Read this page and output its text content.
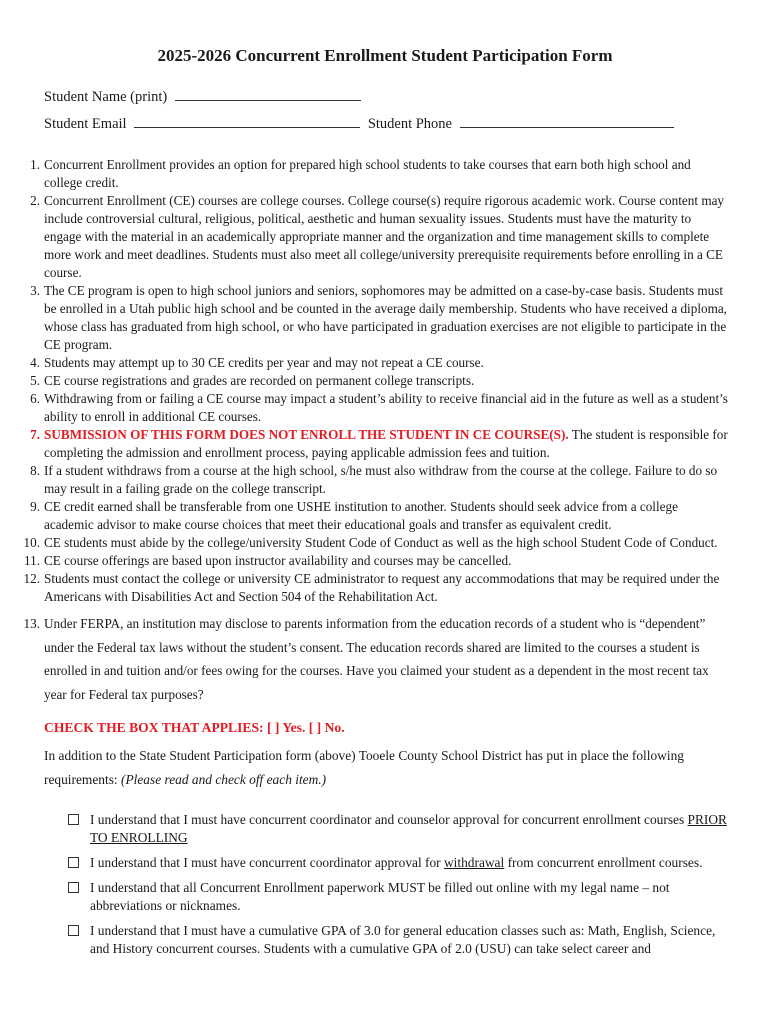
2025-2026 Concurrent Enrollment Student Participation Form
Student Name (print)
Student Email	Student Phone
1. Concurrent Enrollment provides an option for prepared high school students to take courses that earn both high school and college credit.
2. Concurrent Enrollment (CE) courses are college courses. College course(s) require rigorous academic work. Course content may include controversial cultural, religious, political, aesthetic and human sexuality issues. Students must have the maturity to engage with the material in an academically appropriate manner and the organization and time management skills to complete more work and meet deadlines. Students must also meet all college/university prerequisite requirements before enrolling in a CE course.
3. The CE program is open to high school juniors and seniors, sophomores may be admitted on a case-by-case basis. Students must be enrolled in a Utah public high school and be counted in the average daily membership. Students who have received a diploma, whose class has graduated from high school, or who have participated in graduation exercises are not eligible to participate in the CE program.
4. Students may attempt up to 30 CE credits per year and may not repeat a CE course.
5. CE course registrations and grades are recorded on permanent college transcripts.
6. Withdrawing from or failing a CE course may impact a student’s ability to receive financial aid in the future as well as a student’s ability to enroll in additional CE courses.
7. SUBMISSION OF THIS FORM DOES NOT ENROLL THE STUDENT IN CE COURSE(S). The student is responsible for completing the admission and enrollment process, paying applicable admission fees and tuition.
8. If a student withdraws from a course at the high school, s/he must also withdraw from the course at the college. Failure to do so may result in a failing grade on the college transcript.
9. CE credit earned shall be transferable from one USHE institution to another. Students should seek advice from a college academic advisor to make course choices that meet their educational goals and transfer as equivalent credit.
10. CE students must abide by the college/university Student Code of Conduct as well as the high school Student Code of Conduct.
11. CE course offerings are based upon instructor availability and courses may be cancelled.
12. Students must contact the college or university CE administrator to request any accommodations that may be required under the Americans with Disabilities Act and Section 504 of the Rehabilitation Act.
13. Under FERPA, an institution may disclose to parents information from the education records of a student who is “dependent” under the Federal tax laws without the student’s consent. The education records shared are limited to the courses a student is enrolled in and tuition and/or fees owing for the courses. Have you claimed your student as a dependent in the most recent tax year for Federal tax purposes?
CHECK THE BOX THAT APPLIES: [ ] Yes. [ ] No.
In addition to the State Student Participation form (above) Tooele County School District has put in place the following requirements: (Please read and check off each item.)
I understand that I must have concurrent coordinator and counselor approval for concurrent enrollment courses PRIOR TO ENROLLING
I understand that I must have concurrent coordinator approval for withdrawal from concurrent enrollment courses.
I understand that all Concurrent Enrollment paperwork MUST be filled out online with my legal name – not abbreviations or nicknames.
I understand that I must have a cumulative GPA of 3.0 for general education classes such as: Math, English, Science, and History concurrent courses. Students with a cumulative GPA of 2.0 (USU) can take select career and
